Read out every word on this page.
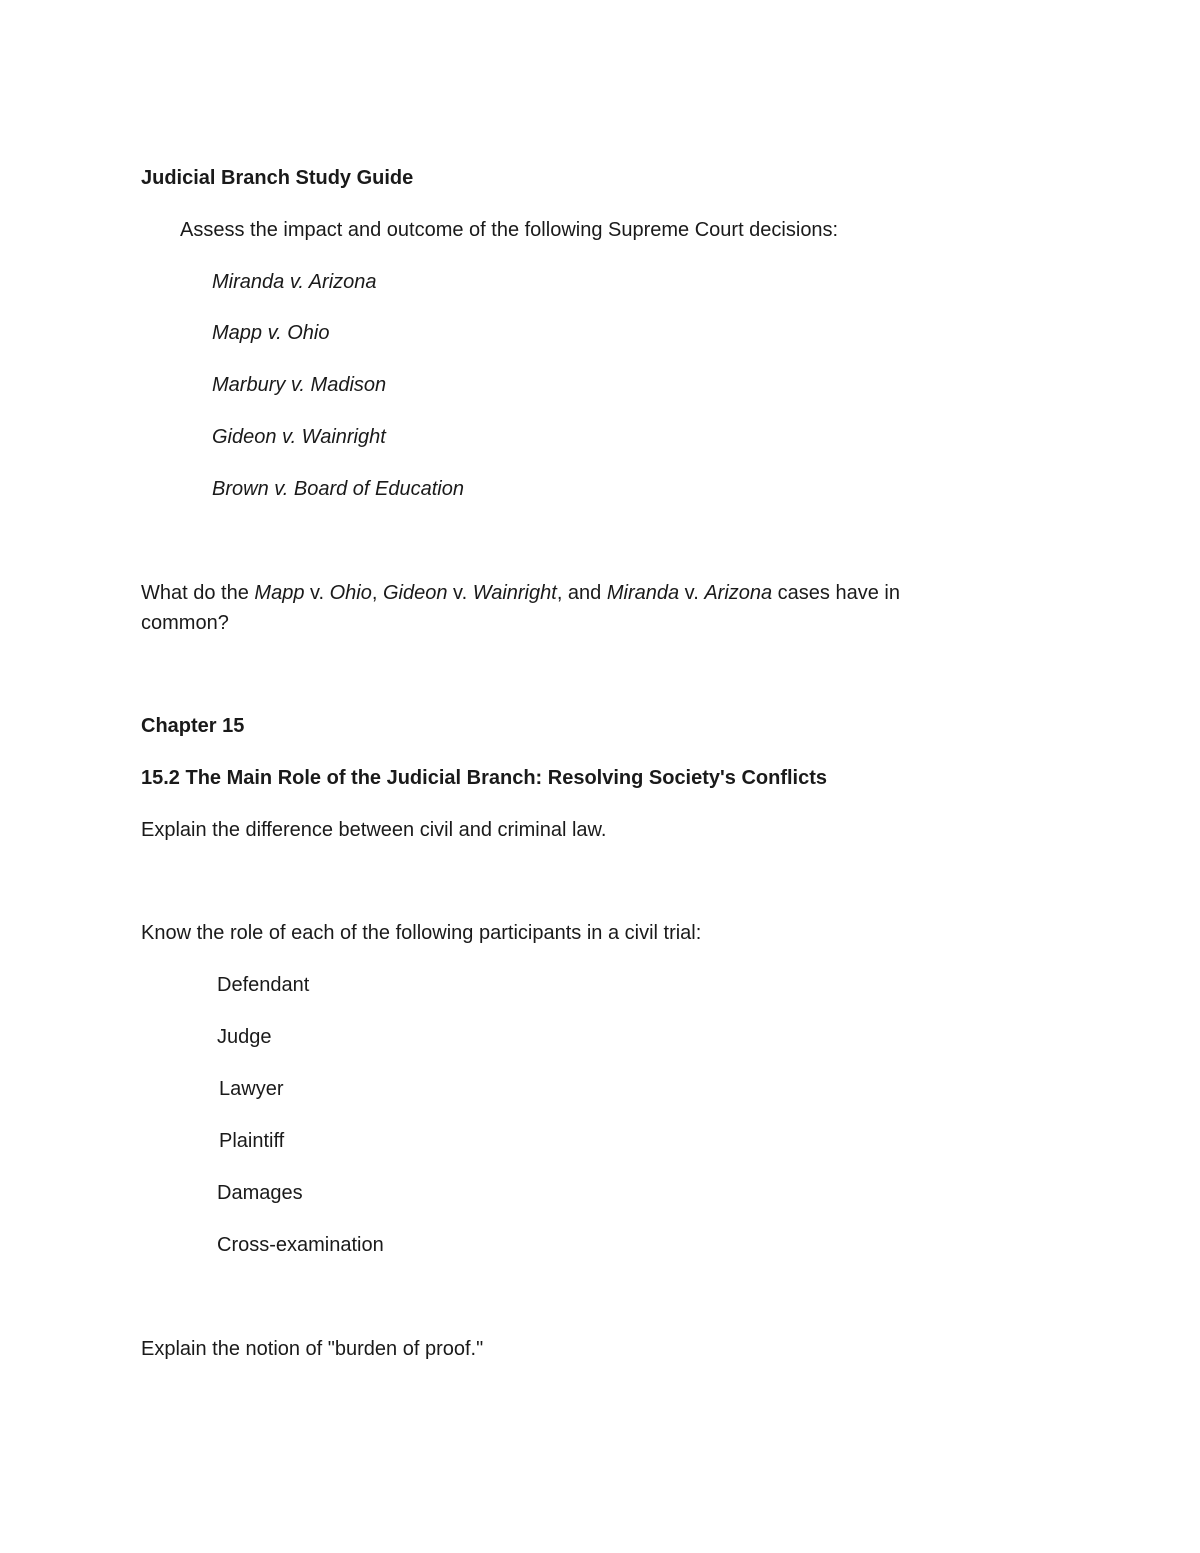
Judicial Branch Study Guide
Assess the impact and outcome of the following Supreme Court decisions:
Miranda v. Arizona
Mapp v. Ohio
Marbury v. Madison
Gideon v. Wainright
Brown v. Board of Education
What do the Mapp v. Ohio, Gideon v. Wainright, and Miranda v. Arizona cases have in common?
Chapter 15
15.2 The Main Role of the Judicial Branch: Resolving Society's Conflicts
Explain the difference between civil and criminal law.
Know the role of each of the following participants in a civil trial:
Defendant
Judge
Lawyer
Plaintiff
Damages
Cross-examination
Explain the notion of "burden of proof."
